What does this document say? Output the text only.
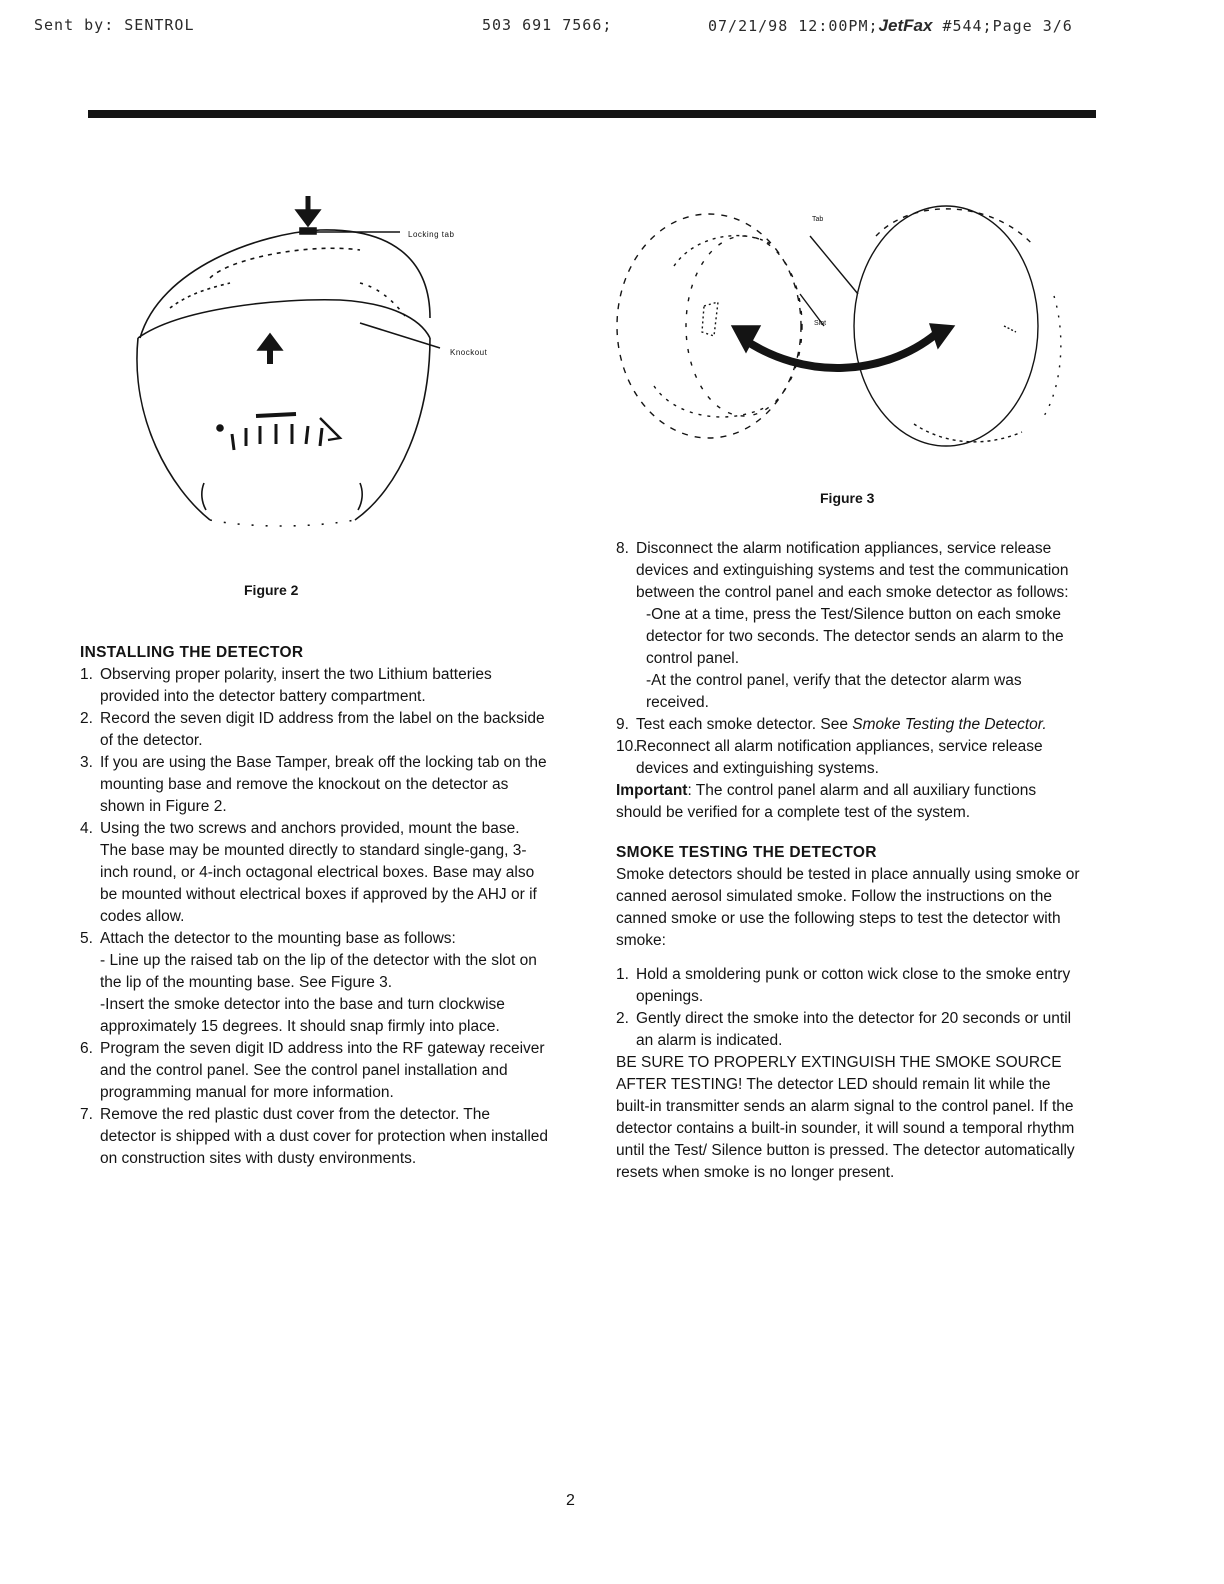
Sent by: SENTROL	503 691 7566;	07/21/98 12:00PM;JetFax #544;Page 3/6
Locking tab
Knockout
Figure 2
Tab
Slot
Figure 3

INSTALLING THE DETECTOR

1. Observing proper polarity, insert the two Lithium batteries provided into the detector battery compartment.

2. Record the seven digit ID address from the label on the backside of the detector.

3. If you are using the Base Tamper, break off the locking tab on the mounting base and remove the knockout on the detector as shown in Figure 2.

4. Using the two screws and anchors provided, mount the base. The base may be mounted directly to standard single-gang, 3-inch round, or 4-inch octagonal electrical boxes. Base may also be mounted without electrical boxes if approved by the AHJ or if codes allow.

5. Attach the detector to the mounting base as follows:

- Line up the raised tab on the lip of the detector with the slot on the lip of the mounting base. See Figure 3.

-Insert the smoke detector into the base and turn clockwise approximately 15 degrees. It should snap firmly into place.

6. Program the seven digit ID address into the RF gateway receiver and the control panel. See the control panel installation and programming manual for more information.

7. Remove the red plastic dust cover from the detector. The detector is shipped with a dust cover for protection when installed on construction sites with dusty environments.

8. Disconnect the alarm notification appliances, service release devices and extinguishing systems and test the communication between the control panel and each smoke detector as follows:

-One at a time, press the Test/Silence button on each smoke detector for two seconds. The detector sends an alarm to the control panel.

-At the control panel, verify that the detector alarm was received.

9. Test each smoke detector. See Smoke Testing the Detector.

10.
Reconnect all alarm notification appliances, service release devices and extinguishing systems.

Important: The control panel alarm and all auxiliary functions should be verified for a complete test of the system.

SMOKE TESTING THE DETECTOR

Smoke detectors should be tested in place annually using smoke or canned aerosol simulated smoke. Follow the instructions on the canned smoke or use the following steps to test the detector with smoke:

1. Hold a smoldering punk or cotton wick close to the smoke entry openings.

2. Gently direct the smoke into the detector for 20 seconds or until an alarm is indicated.

BE SURE TO PROPERLY EXTINGUISH THE SMOKE SOURCE AFTER TESTING! The detector LED should remain lit while the built-in transmitter sends an alarm signal to the control panel. If the detector contains a built-in sounder, it will sound a temporal rhythm until the Test/ Silence button is pressed. The detector automatically resets when smoke is no longer present.

2
